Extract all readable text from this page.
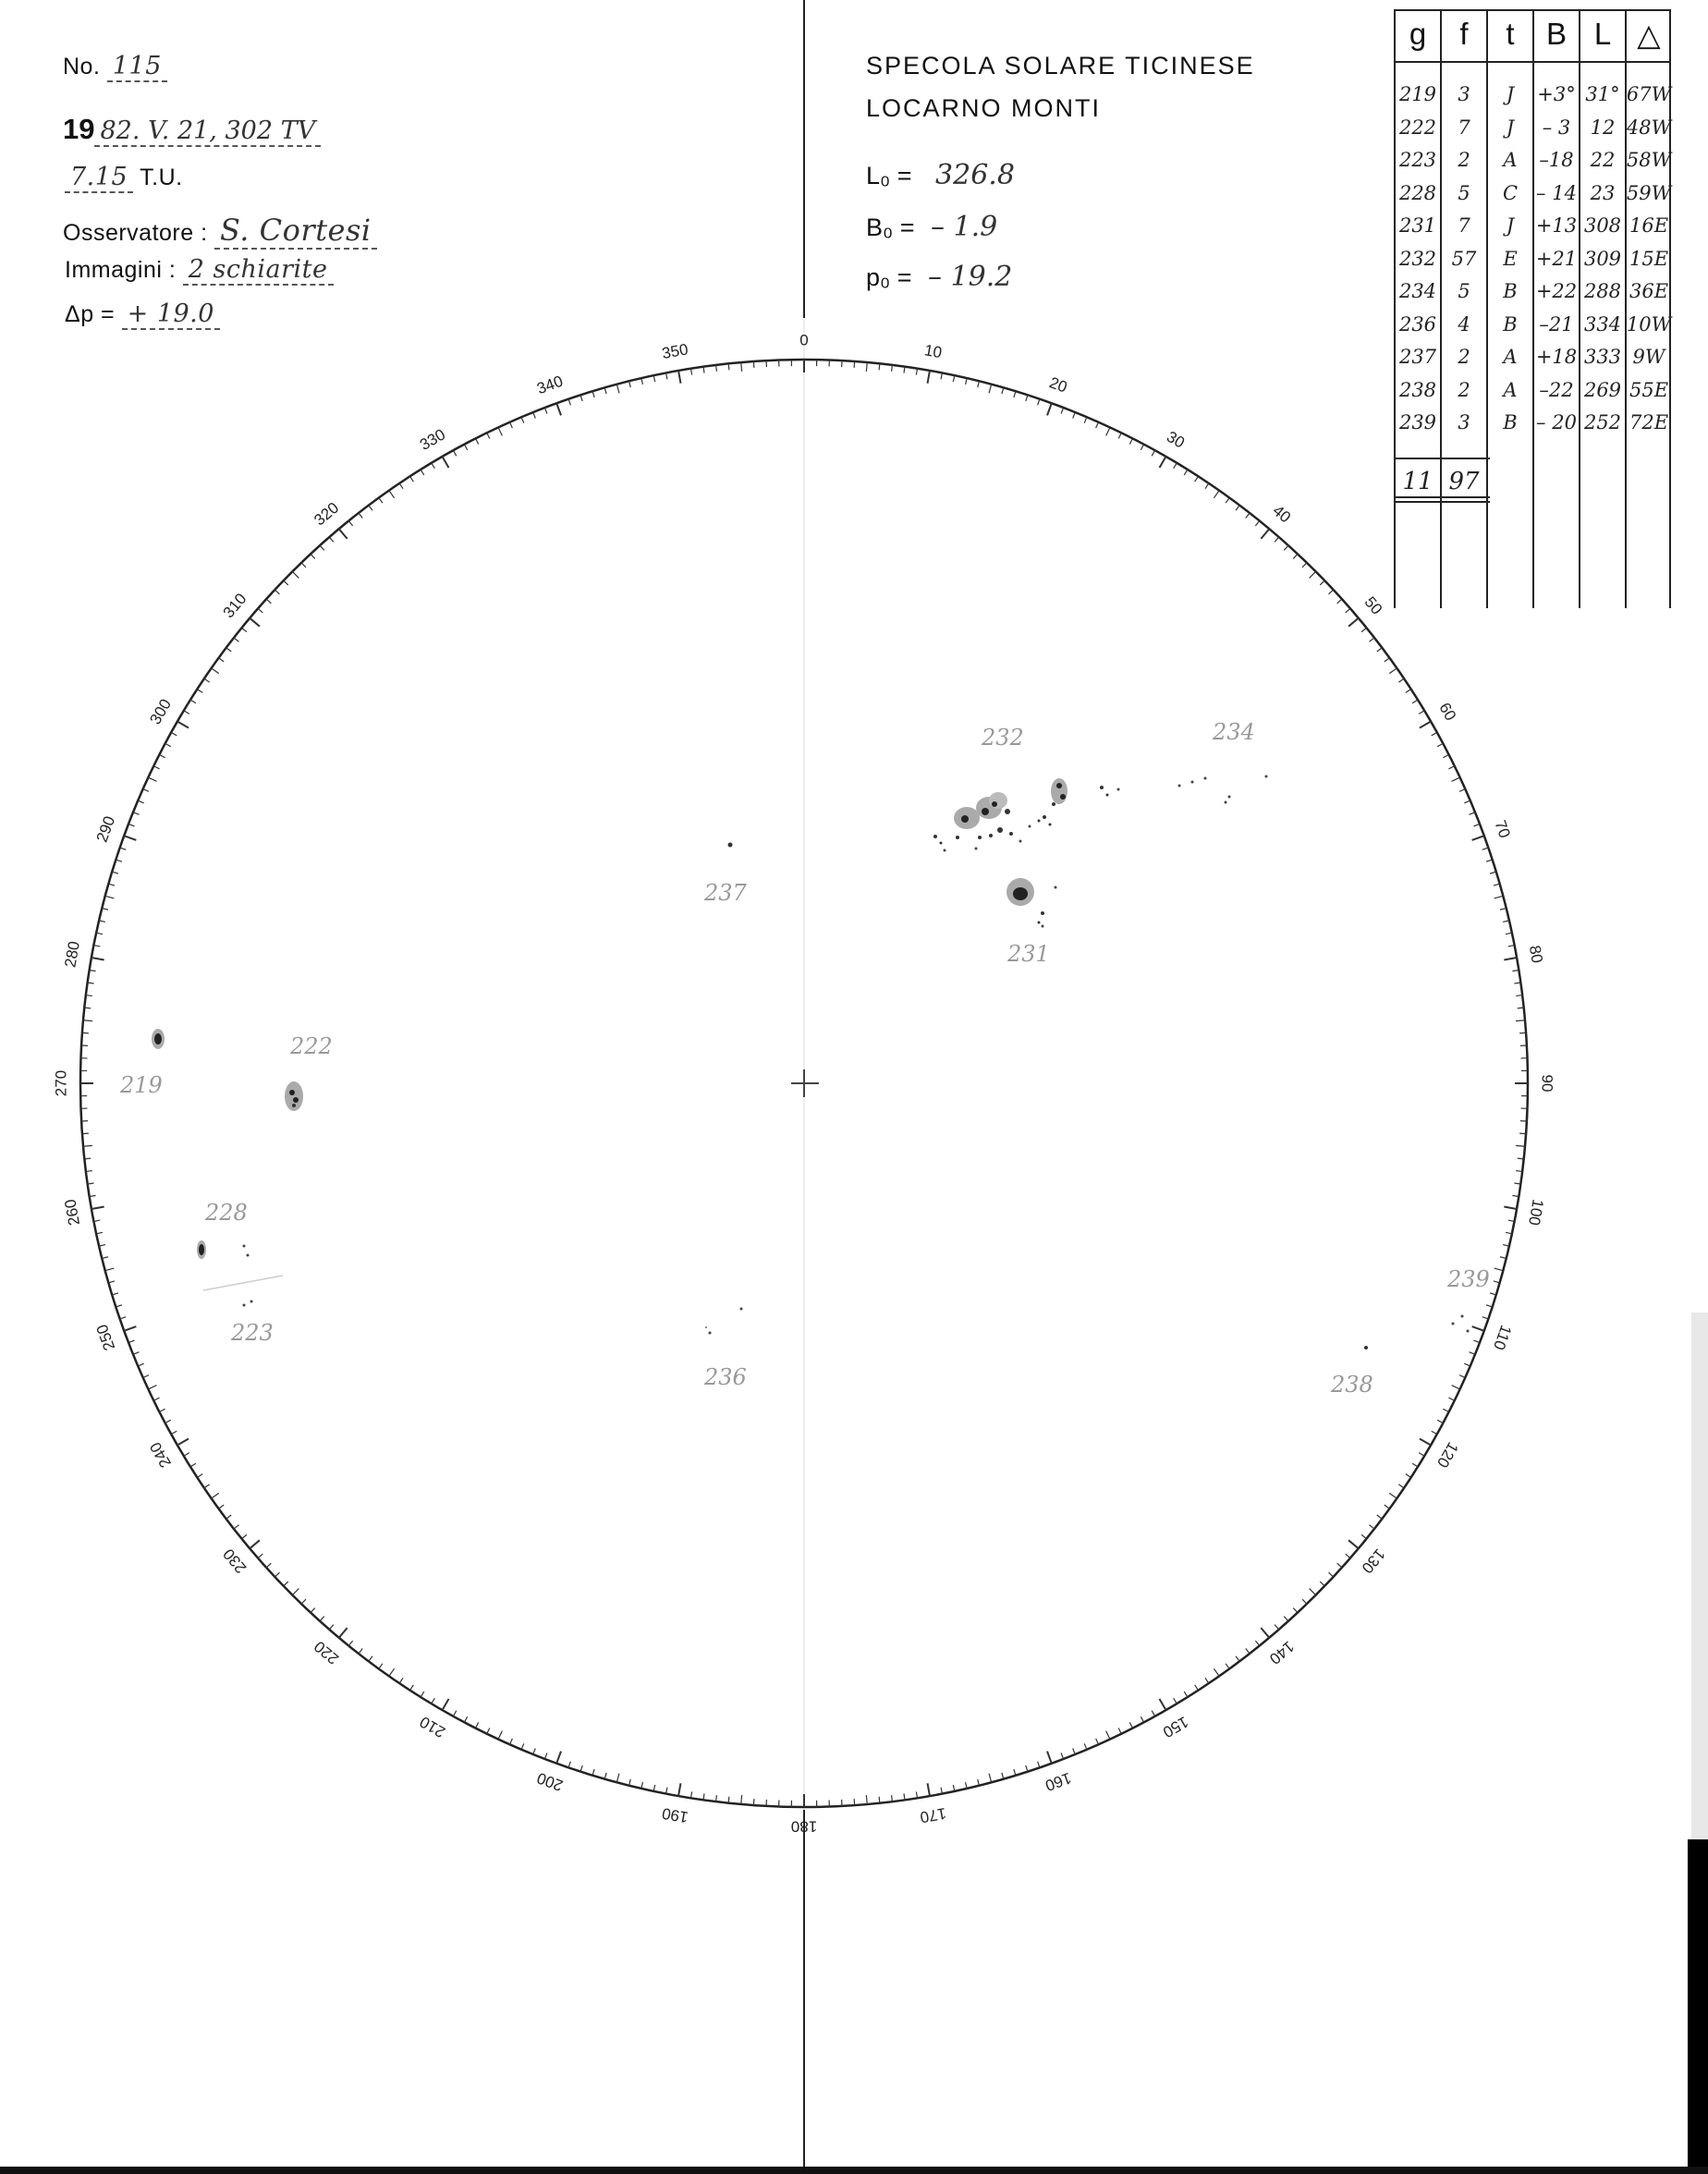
No. 115
19 82. V. 21, 302 TV
7.15 T.U.
Osservatore : S. Cortesi
Immagini : 2 schiarite
Δp = + 19.0
SPECOLA SOLARE TICINESE
LOCARNO MONTI
L₀ = 326.8
B₀ = – 1.9
p₀ = – 19.2
0
10
20
30
40
50
60
70
80
90
100
110
120
130
140
150
160
170
180
190
200
210
220
230
240
250
260
270
280
290
300
310
320
330
340
350
219
222
223
228
231
232	234
236
237
238
239
g	f	t	B L △
219	3	J	+3° 31° 67W
222	7	J	– 3	12 48W
223	2	A	–18 22 58W
228	5	C – 14 23 59W
231	7	J	+13 308 16E
232 57	E +21 309 15E
234	5	B +22 288 36E
236	4	B	–21 334 10W
237	2	A +18 333 9W
238	2	A	–22 269 55E
239	3	B – 20 252 72E
11 97
